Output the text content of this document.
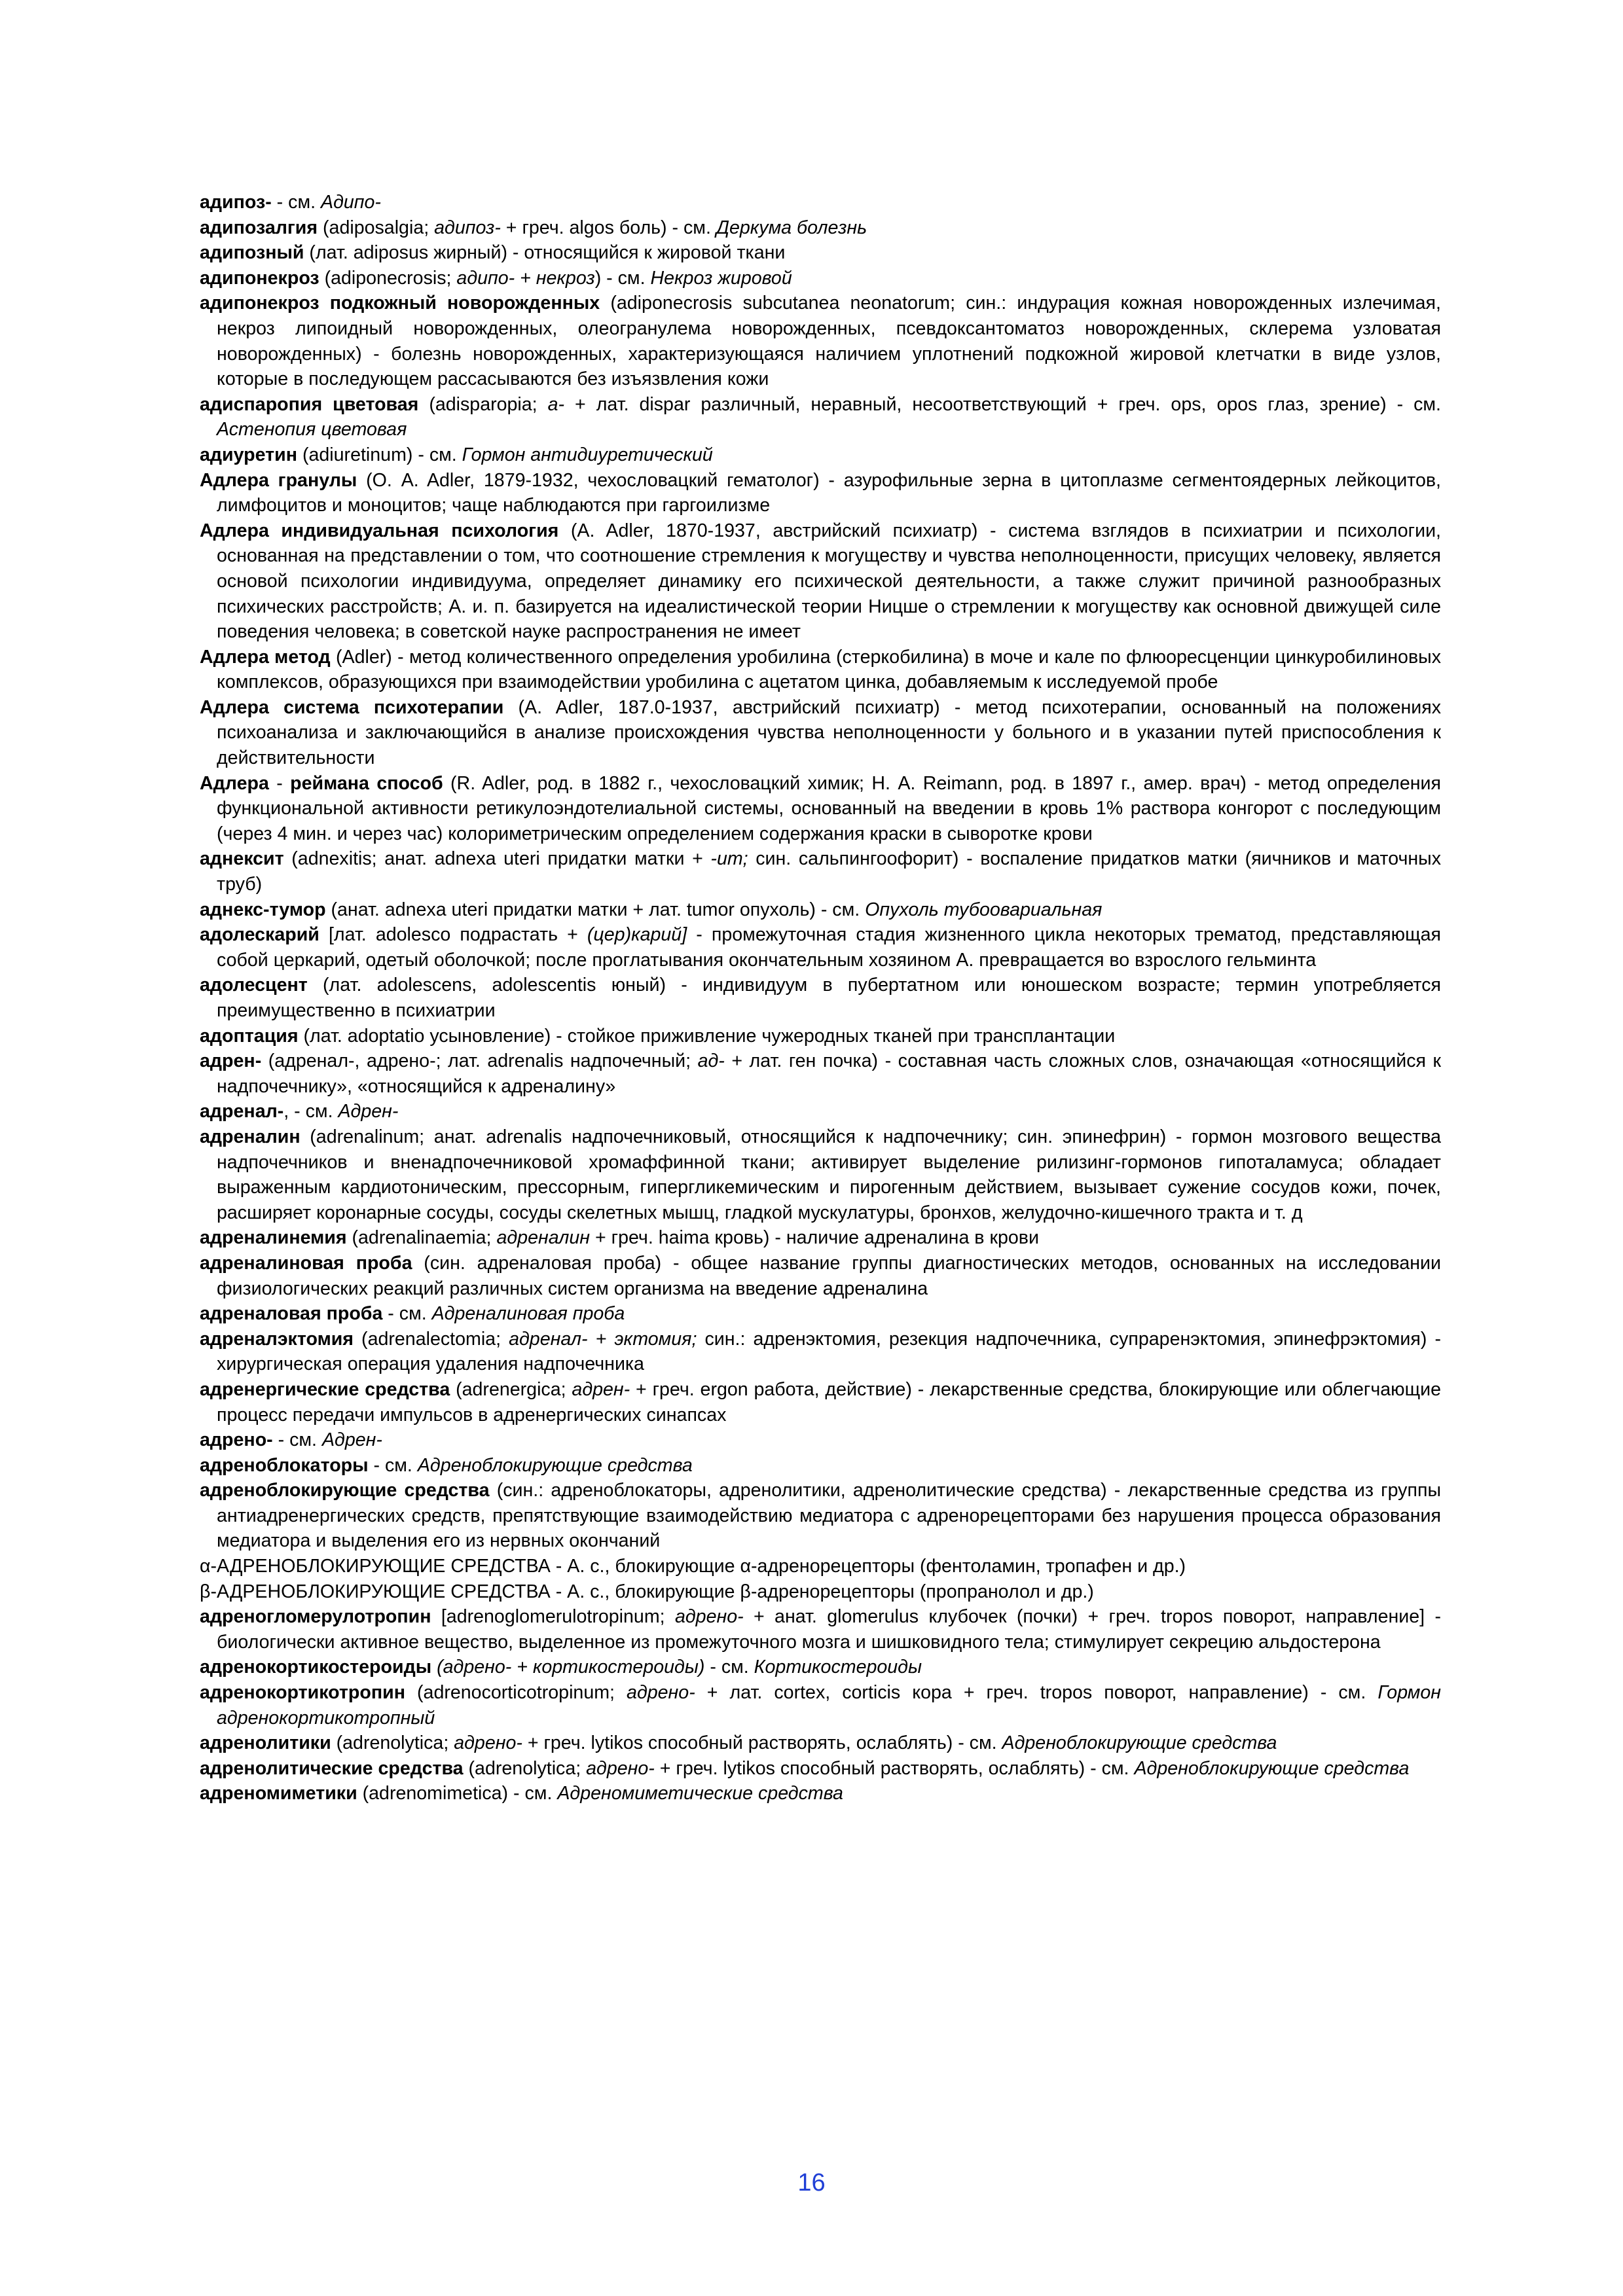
адипоз- - см. Адипо-

адипозалгия (adiposalgia; адипоз- + греч. algos боль) - см. Деркума болезнь

адипозный (лат. adiposus жирный) - относящийся к жировой ткани

адипонекроз (adiponecrosis; адипо- + некроз) - см. Некроз жировой

адипонекроз подкожный новорожденных (adiponecrosis subcutanea neonatorum; син.: индурация кожная новорожденных излечимая, некроз липоидный новорожденных, олеогранулема новорожденных, псевдоксантоматоз новорожденных, склерема узловатая новорожденных) - болезнь новорожденных, характеризующаяся наличием уплотнений подкожной жировой клетчатки в виде узлов, которые в последующем рассасываются без изъязвления кожи

адиспаропия цветовая (adisparopia; а- + лат. dispar различный, неравный, несоответствующий + греч. ops, opos глаз, зрение) - см. Астенопия цветовая

адиуретин (adiuretinum) - см. Гормон антидиуретический

Адлера гранулы (О. A. Adler, 1879-1932, чехословацкий гематолог) - азурофильные зерна в цитоплазме сегментоядерных лейкоцитов, лимфоцитов и моноцитов; чаще наблюдаются при гаргоилизме

Адлера индивидуальная психология (A. Adler, 1870-1937, австрийский психиатр) - система взглядов в психиатрии и психологии, основанная на представлении о том, что соотношение стремления к могуществу и чувства неполноценности, присущих человеку, является основой психологии индивидуума, определяет динамику его психической деятельности, а также служит причиной разнообразных психических расстройств; А. и. п. базируется на идеалистической теории Ницше о стремлении к могуществу как основной движущей силе поведения человека; в советской науке распространения не имеет

Адлера метод (Adler) - метод количественного определения уробилина (стеркобилина) в моче и кале по флюоресценции цинкуробилиновых комплексов, образующихся при взаимодействии уробилина с ацетатом цинка, добавляемым к исследуемой пробе

Адлера система психотерапии (A. Adler, 187.0-1937, австрийский психиатр) - метод психотерапии, основанный на положениях психоанализа и заключающийся в анализе происхождения чувства неполноценности у больного и в указании путей приспособления к действительности

Адлера - реймана способ (R. Adler, род. в 1882 г., чехословацкий химик; Н. A. Reimann, род. в 1897 г., амер. врач) - метод определения функциональной активности ретикулоэндотелиальной системы, основанный на введении в кровь 1% раствора конгорот с последующим (через 4 мин. и через час) колориметрическим определением содержания краски в сыворотке крови

аднексит (adnexitis; анат. adnexa uteri придатки матки + -ит; син. сальпингоофорит) - воспаление придатков матки (яичников и маточных труб)

аднекс-тумор (анат. adnexa uteri придатки матки + лат. tumor опухоль) - см. Опухоль тубоовариальная

адолескарий [лат. adolesco подрастать + (цер)карий] - промежуточная стадия жизненного цикла некоторых трематод, представляющая собой церкарий, одетый оболочкой; после проглатывания окончательным хозяином А. превращается во взрослого гельминта

адолесцент (лат. adolescens, adolescentis юный) - индивидуум в пубертатном или юношеском возрасте; термин употребляется преимущественно в психиатрии

адоптация (лат. adoptatio усыновление) - стойкое приживление чужеродных тканей при трансплантации

адрен- (адренал-, адрено-; лат. adrenalis надпочечный; ад- + лат. ген почка) - составная часть сложных слов, означающая «относящийся к надпочечнику», «относящийся к адреналину»

адренал-, - см. Адрен-

адреналин (adrenalinum; анат. adrenalis надпочечниковый, относящийся к надпочечнику; син. эпинефрин) - гормон мозгового вещества надпочечников и вненадпочечниковой хромаффинной ткани; активирует выделение рилизинг-гормонов гипоталамуса; обладает выраженным кардиотоническим, прессорным, гипергликемическим и пирогенным действием, вызывает сужение сосудов кожи, почек, расширяет коронарные сосуды, сосуды скелетных мышц, гладкой мускулатуры, бронхов, желудочно-кишечного тракта и т. д

адреналинемия (adrenalinaemia; адреналин + греч. haima кровь) - наличие адреналина в крови

адреналиновая проба (син. адреналовая проба) - общее название группы диагностических методов, основанных на исследовании физиологических реакций различных систем организма на введение адреналина

адреналовая проба - см. Адреналиновая проба

адреналэктомия (adrenalectomia; адренал- + эктомия; син.: адренэктомия, резекция надпочечника, супраренэктомия, эпинефрэктомия) - хирургическая операция удаления надпочечника

адренергические средства (adrenergica; адрен- + греч. ergon работа, действие) - лекарственные средства, блокирующие или облегчающие процесс передачи импульсов в адренергических синапсах

адрено- - см. Адрен-

адреноблокаторы - см. Адреноблокирующие средства

адреноблокирующие средства (син.: адреноблокаторы, адренолитики, адренолитические средства) - лекарственные средства из группы антиадренергических средств, препятствующие взаимодействию медиатора с адренорецепторами без нарушения процесса образования медиатора и выделения его из нервных окончаний

α-АДРЕНОБЛОКИРУЮЩИЕ СРЕДСТВА - А. с., блокирующие α-адренорецепторы (фентоламин, тропафен и др.)

β-АДРЕНОБЛОКИРУЮЩИЕ СРЕДСТВА - А. с., блокирующие β-адренорецепторы (пропранолол и др.)

адреногломерулотропин [adrenoglomerulotropinum; адрено- + анат. glomerulus клубочек (почки) + греч. tropos поворот, направление] - биологически активное вещество, выделенное из промежуточного мозга и шишковидного тела; стимулирует секрецию альдостерона

адренокортикостероиды (адрено- + кортикостероиды) - см. Кортикостероиды

адренокортикотропин (adrenocorticotropinum; адрено- + лат. cortex, corticis кора + греч. tropos поворот, направление) - см. Гормон адренокортикотропный

адренолитики (adrenolytica; адрено- + греч. lytikos способный растворять, ослаблять) - см. Адреноблокирующие средства

адренолитические средства (adrenolytica; адрено- + греч. lytikos способный растворять, ослаблять) - см. Адреноблокирующие средства

адреномиметики (adrenomimetica) - см. Адреномиметические средства

16
